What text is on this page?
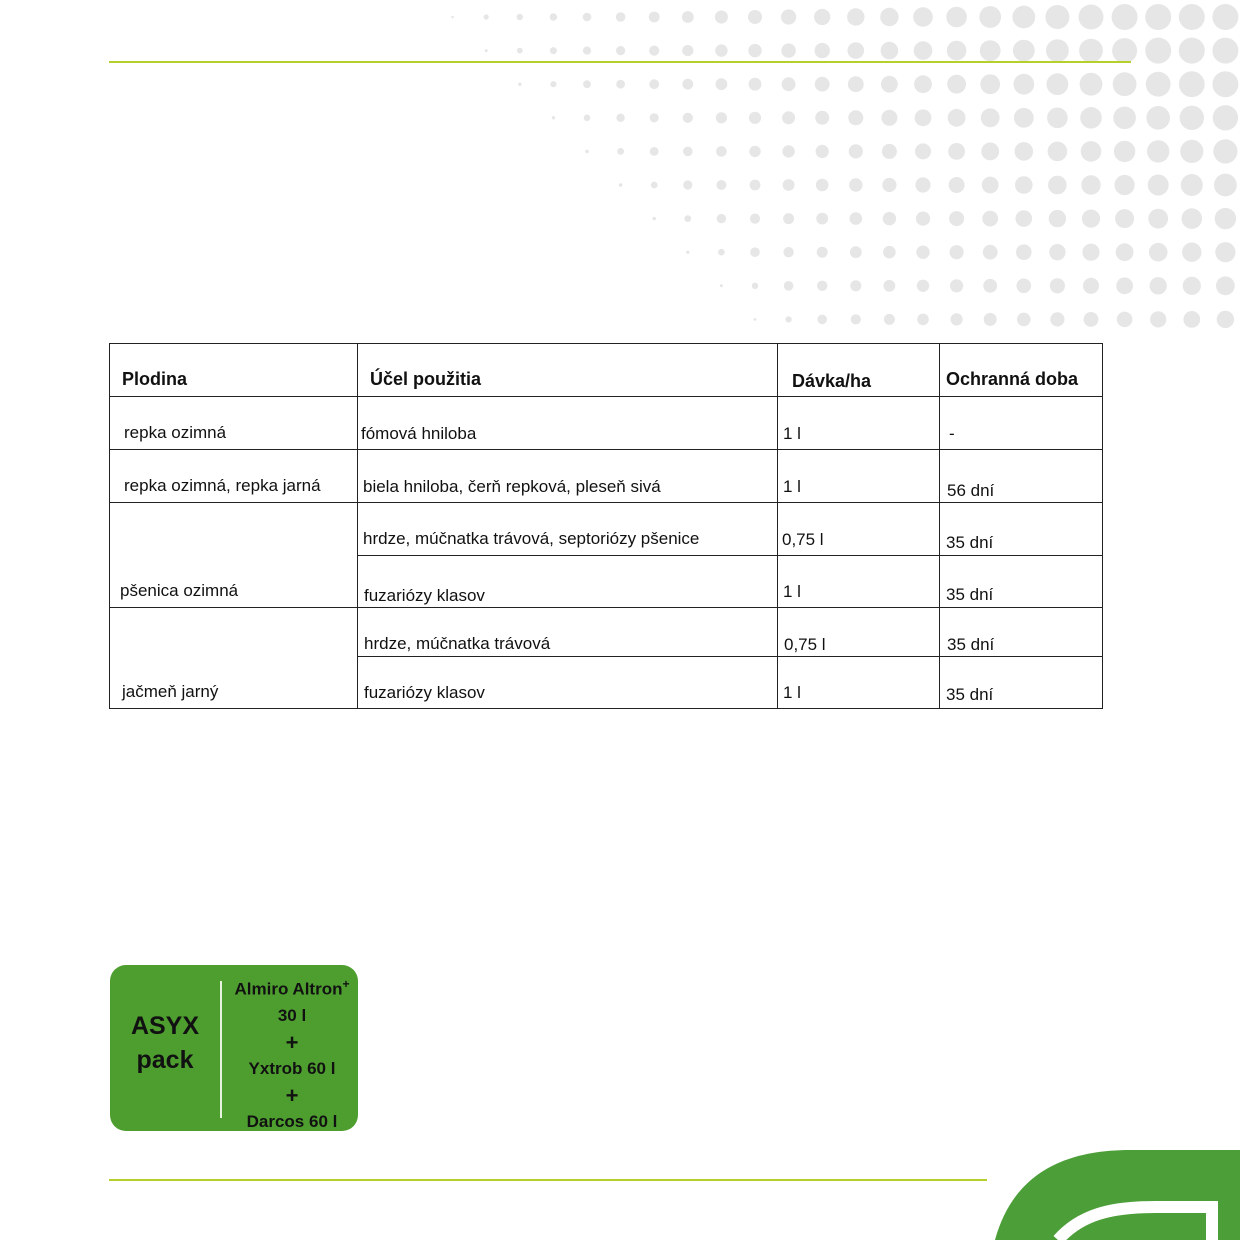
Plodina	Účel použitia	Dávka/ha	Ochranná doba
repka ozimná	fómová hniloba	1 l	-
repka ozimná, repka jarná	biela hniloba, čerň repková, pleseň sivá	1 l	56 dní
pšenica ozimná	hrdze, múčnatka trávová, septoriózy pšenice	0,75 l	35 dní
	fuzariózy klasov	1 l	35 dní
jačmeň jarný	hrdze, múčnatka trávová	0,75 l	35 dní
	fuzariózy klasov	1 l	35 dní
ASYX
pack
Almiro Altron+
30 l
+
Yxtrob 60 l
+
Darcos 60 l
